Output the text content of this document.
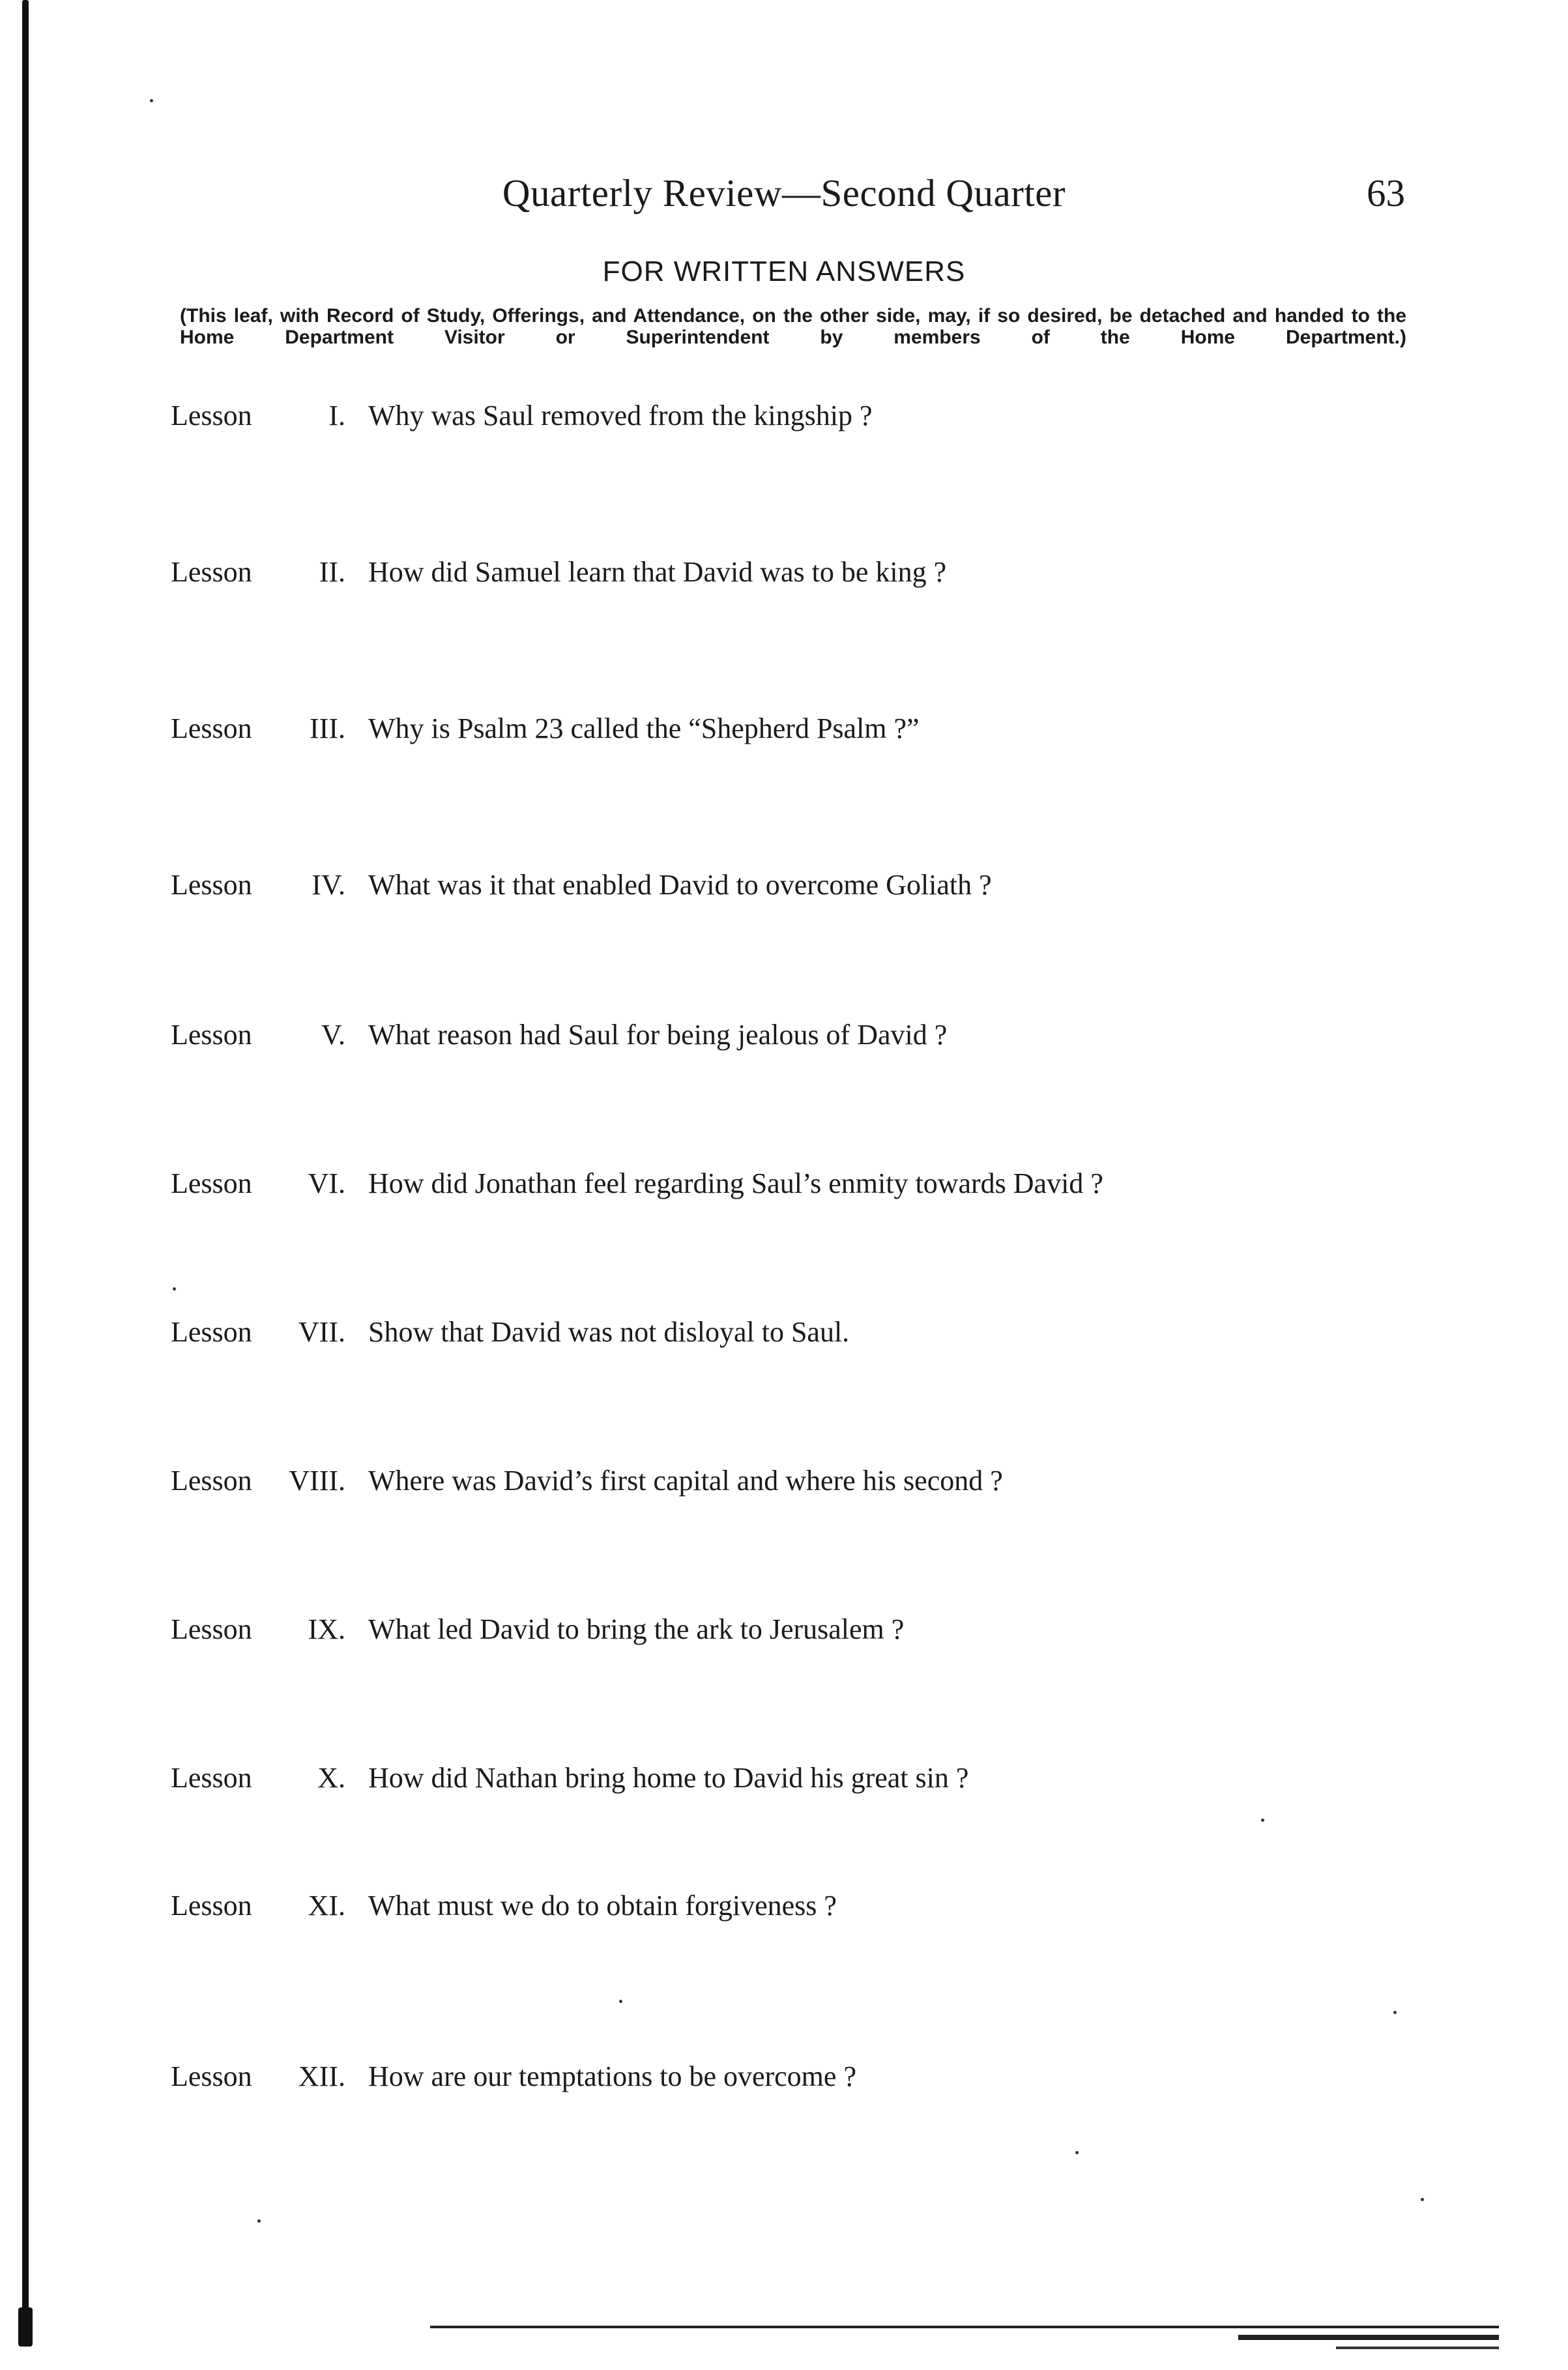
Quarterly Review—Second Quarter	63
FOR WRITTEN ANSWERS
(This leaf, with Record of Study, Offerings, and Attendance, on the other side, may, if so desired, be detached and handed to the Home Department Visitor or Superintendent by members of the Home Department.)
Lesson	I. Why was Saul removed from the kingship ?
Lesson II. How did Samuel learn that David was to be king ?
Lesson III. Why is Psalm 23 called the “Shepherd Psalm ?”
Lesson IV. What was it that enabled David to overcome Goliath ?
Lesson V. What reason had Saul for being jealous of David ?
Lesson VI. How did Jonathan feel regarding Saul’s enmity towards David ?
Lesson VII. Show that David was not disloyal to Saul.
Lesson VIII. Where was David’s first capital and where his second ?
Lesson IX. What led David to bring the ark to Jerusalem ?
Lesson X. How did Nathan bring home to David his great sin ?
Lesson XI. What must we do to obtain forgiveness ?
Lesson XII. How are our temptations to be overcome ?
